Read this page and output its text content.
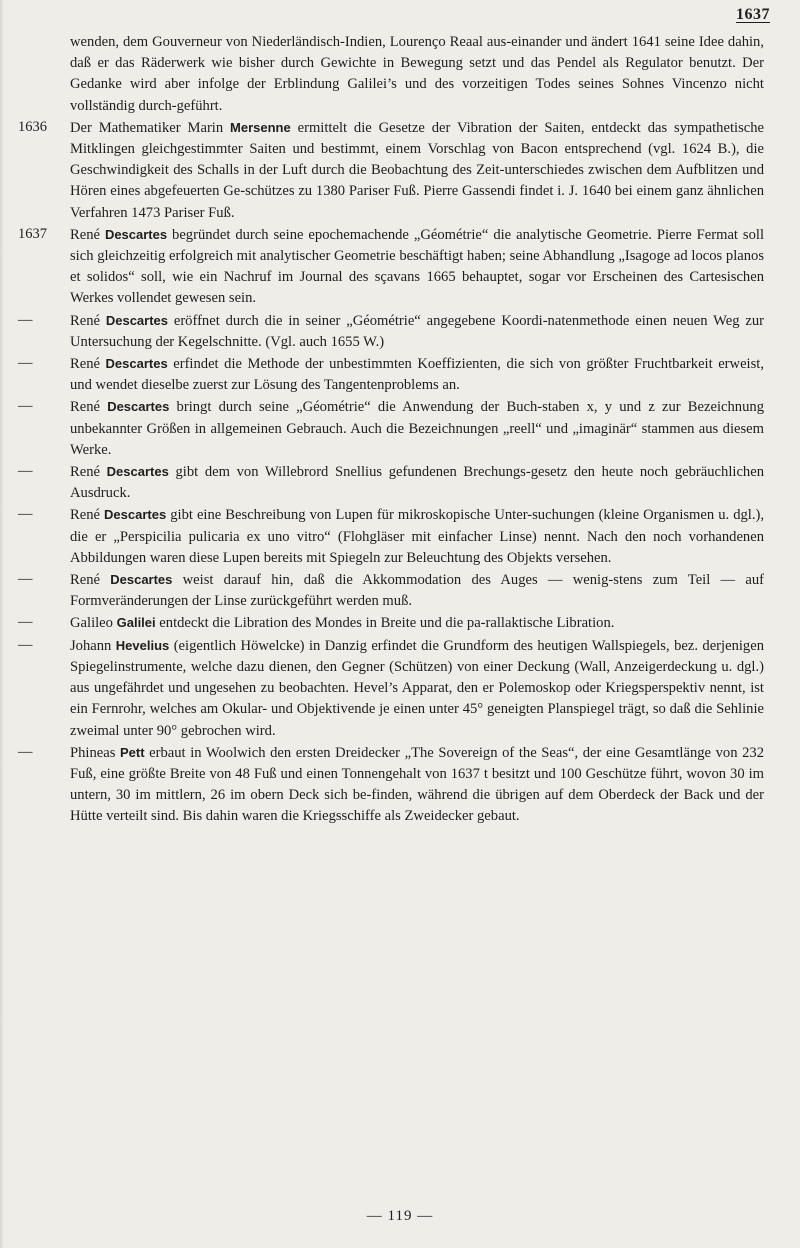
1637
wenden, dem Gouverneur von Niederländisch-Indien, Lourenço Reaal aus-einander und ändert 1641 seine Idee dahin, daß er das Räderwerk wie bisher durch Gewichte in Bewegung setzt und das Pendel als Regulator benutzt. Der Gedanke wird aber infolge der Erblindung Galilei’s und des vorzeitigen Todes seines Sohnes Vincenzo nicht vollständig durch-geführt.
1636	Der Mathematiker Marin Mersenne ermittelt die Gesetze der Vibration der Saiten, entdeckt das sympathetische Mitklingen gleichgestimmter Saiten und bestimmt, einem Vorschlag von Bacon entsprechend (vgl. 1624 B.), die Geschwindigkeit des Schalls in der Luft durch die Beobachtung des Zeit-unterschiedes zwischen dem Aufblitzen und Hören eines abgefeuerten Ge-schützes zu 1380 Pariser Fuß. Pierre Gassendi findet i. J. 1640 bei einem ganz ähnlichen Verfahren 1473 Pariser Fuß.
1637	René Descartes begründet durch seine epochemachende „Géométrie“ die analytische Geometrie. Pierre Fermat soll sich gleichzeitig erfolgreich mit analytischer Geometrie beschäftigt haben; seine Abhandlung „Isagoge ad locos planos et solidos“ soll, wie ein Nachruf im Journal des sçavans 1665 behauptet, sogar vor Erscheinen des Cartesischen Werkes vollendet gewesen sein.
—	René Descartes eröffnet durch die in seiner „Géométrie“ angegebene Koordi-natenmethode einen neuen Weg zur Untersuchung der Kegelschnitte. (Vgl. auch 1655 W.)
—	René Descartes erfindet die Methode der unbestimmten Koeffizienten, die sich von größter Fruchtbarkeit erweist, und wendet dieselbe zuerst zur Lösung des Tangentenproblems an.
—	René Descartes bringt durch seine „Géométrie“ die Anwendung der Buch-staben x, y und z zur Bezeichnung unbekannter Größen in allgemeinen Gebrauch. Auch die Bezeichnungen „reell“ und „imaginär“ stammen aus diesem Werke.
—	René Descartes gibt dem von Willebrord Snellius gefundenen Brechungs-gesetz den heute noch gebräuchlichen Ausdruck.
—	René Descartes gibt eine Beschreibung von Lupen für mikroskopische Unter-suchungen (kleine Organismen u. dgl.), die er „Perspicilia pulicaria ex uno vitro“ (Flohgläser mit einfacher Linse) nennt. Nach den noch vorhandenen Abbildungen waren diese Lupen bereits mit Spiegeln zur Beleuchtung des Objekts versehen.
—	René Descartes weist darauf hin, daß die Akkommodation des Auges — wenig-stens zum Teil — auf Formveränderungen der Linse zurückgeführt werden muß.
—	Galileo Galilei entdeckt die Libration des Mondes in Breite und die pa-rallaktische Libration.
—	Johann Hevelius (eigentlich Höwelcke) in Danzig erfindet die Grundform des heutigen Wallspiegels, bez. derjenigen Spiegelinstrumente, welche dazu dienen, den Gegner (Schützen) von einer Deckung (Wall, Anzeigerdeckung u. dgl.) aus ungefährdet und ungesehen zu beobachten. Hevel’s Apparat, den er Polemoskop oder Kriegsperspektiv nennt, ist ein Fernrohr, welches am Okular- und Objektivende je einen unter 45° geneigten Planspiegel trägt, so daß die Sehlinie zweimal unter 90° gebrochen wird.
—	Phineas Pett erbaut in Woolwich den ersten Dreidecker „The Sovereign of the Seas“, der eine Gesamtlänge von 232 Fuß, eine größte Breite von 48 Fuß und einen Tonnengehalt von 1637 t besitzt und 100 Geschütze führt, wovon 30 im untern, 30 im mittlern, 26 im obern Deck sich be-finden, während die übrigen auf dem Oberdeck der Back und der Hütte verteilt sind. Bis dahin waren die Kriegsschiffe als Zweidecker gebaut.
— 119 —
